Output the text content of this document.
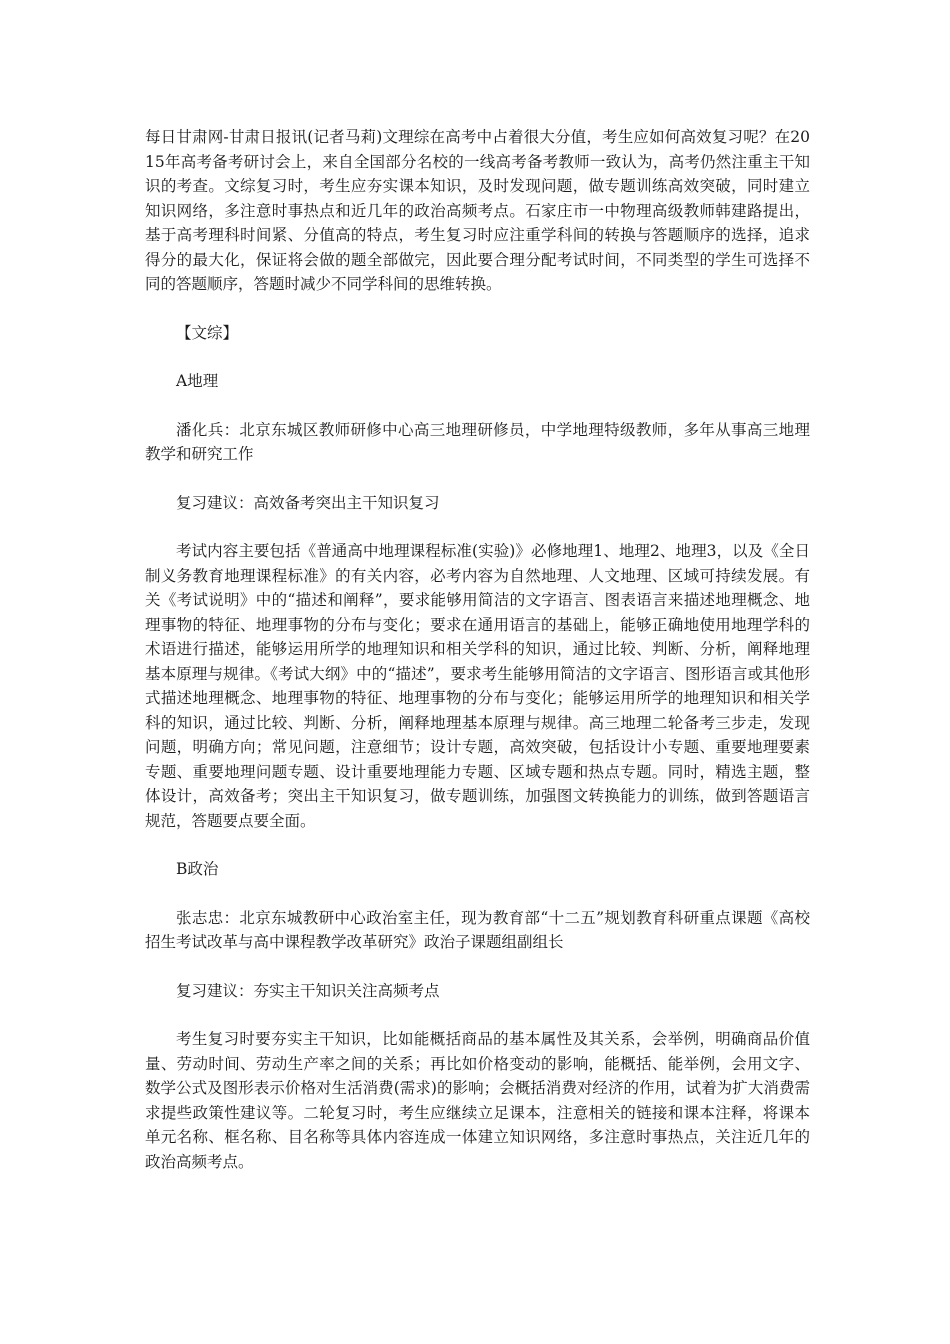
每日甘肃网-甘肃日报讯(记者马莉)文理综在高考中占着很大分值，考生应如何高效复习呢？在2015年高考备考研讨会上，来自全国部分名校的一线高考备考教师一致认为，高考仍然注重主干知识的考查。文综复习时，考生应夯实课本知识，及时发现问题，做专题训练高效突破，同时建立知识网络，多注意时事热点和近几年的政治高频考点。石家庄市一中物理高级教师韩建路提出，基于高考理科时间紧、分值高的特点，考生复习时应注重学科间的转换与答题顺序的选择，追求得分的最大化，保证将会做的题全部做完，因此要合理分配考试时间，不同类型的学生可选择不同的答题顺序，答题时减少不同学科间的思维转换。

【文综】

A地理

潘化兵：北京东城区教师研修中心高三地理研修员，中学地理特级教师，多年从事高三地理教学和研究工作

复习建议：高效备考突出主干知识复习

考试内容主要包括《普通高中地理课程标准(实验)》必修地理1、地理2、地理3，以及《全日制义务教育地理课程标准》的有关内容，必考内容为自然地理、人文地理、区域可持续发展。有关《考试说明》中的“描述和阐释”，要求能够用简洁的文字语言、图表语言来描述地理概念、地理事物的特征、地理事物的分布与变化；要求在通用语言的基础上，能够正确地使用地理学科的术语进行描述，能够运用所学的地理知识和相关学科的知识，通过比较、判断、分析，阐释地理基本原理与规律。《考试大纲》中的“描述”，要求考生能够用简洁的文字语言、图形语言或其他形式描述地理概念、地理事物的特征、地理事物的分布与变化；能够运用所学的地理知识和相关学科的知识，通过比较、判断、分析，阐释地理基本原理与规律。高三地理二轮备考三步走，发现问题，明确方向；常见问题，注意细节；设计专题，高效突破，包括设计小专题、重要地理要素专题、重要地理问题专题、设计重要地理能力专题、区域专题和热点专题。同时，精选主题，整体设计，高效备考；突出主干知识复习，做专题训练，加强图文转换能力的训练，做到答题语言规范，答题要点要全面。

B政治

张志忠：北京东城教研中心政治室主任，现为教育部“十二五”规划教育科研重点课题《高校招生考试改革与高中课程教学改革研究》政治子课题组副组长

复习建议：夯实主干知识关注高频考点

考生复习时要夯实主干知识，比如能概括商品的基本属性及其关系，会举例，明确商品价值量、劳动时间、劳动生产率之间的关系；再比如价格变动的影响，能概括、能举例，会用文字、数学公式及图形表示价格对生活消费(需求)的影响；会概括消费对经济的作用，试着为扩大消费需求提些政策性建议等。二轮复习时，考生应继续立足课本，注意相关的链接和课本注释，将课本单元名称、框名称、目名称等具体内容连成一体建立知识网络，多注意时事热点，关注近几年的政治高频考点。
